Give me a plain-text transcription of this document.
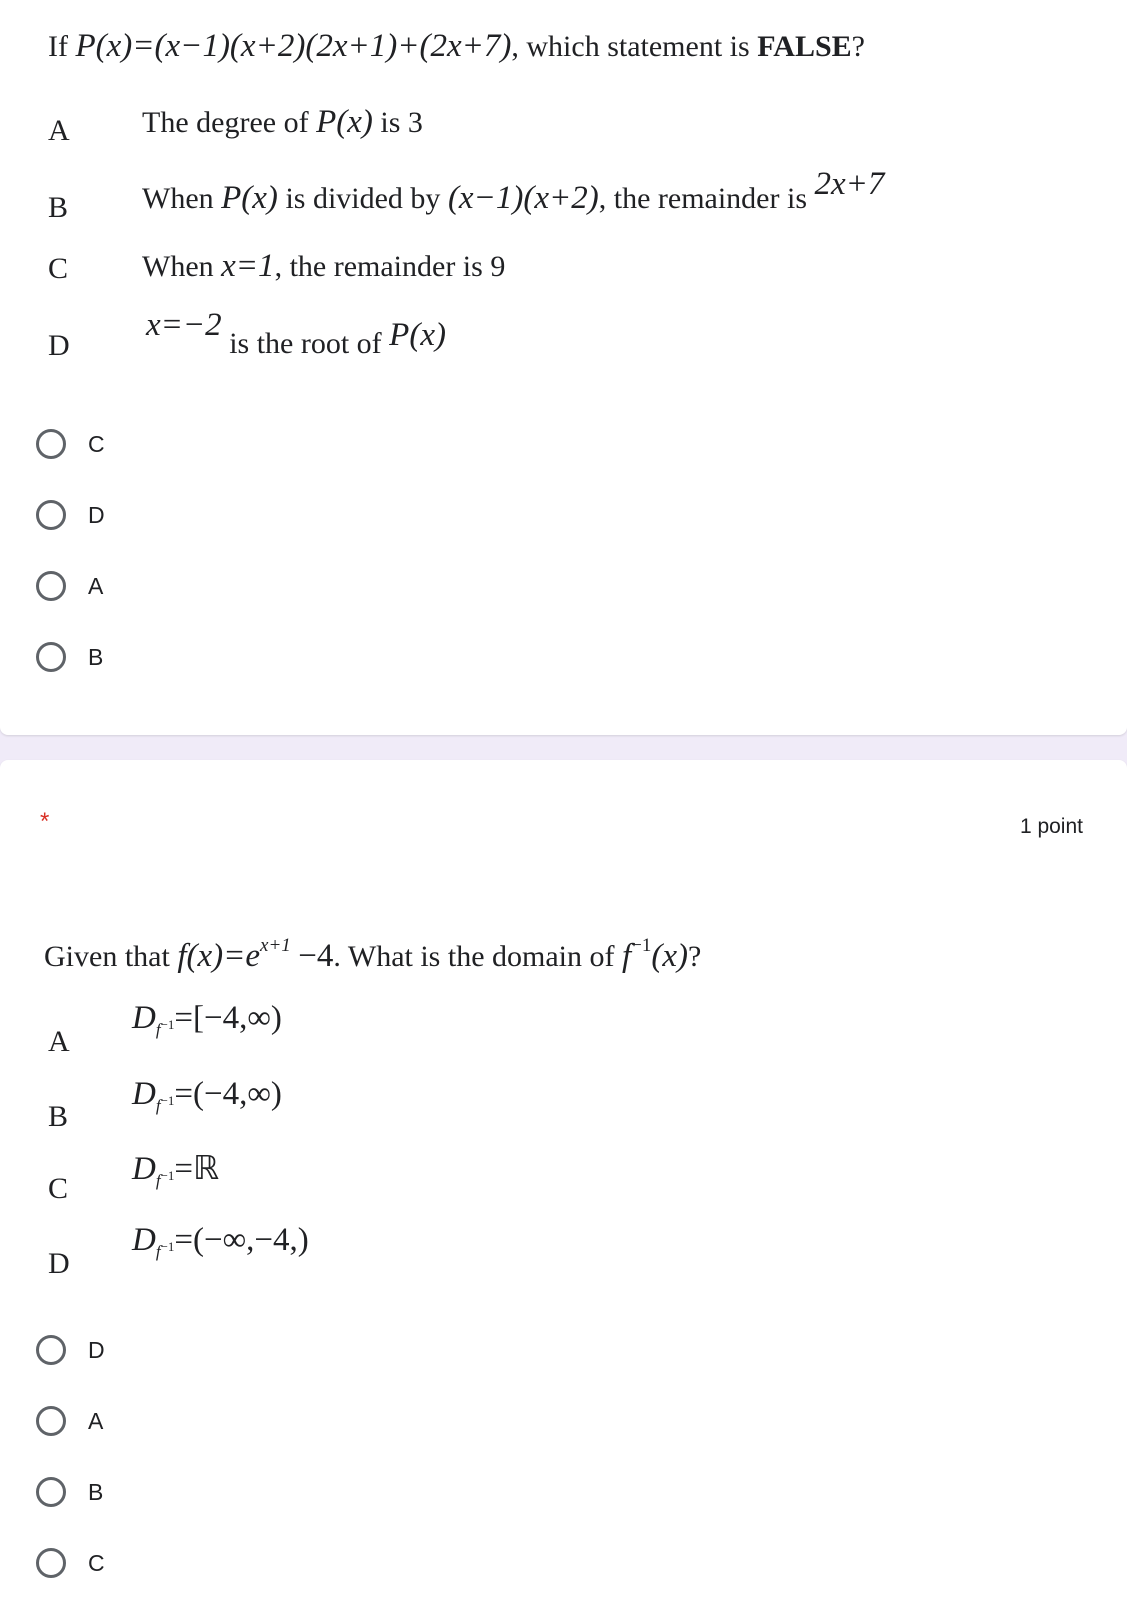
If P(x)=(x−1)(x+2)(2x+1)+(2x+7), which statement is FALSE?
A The degree of P(x) is 3
B When P(x) is divided by (x−1)(x+2), the remainder is 2x+7
C When x=1, the remainder is 9
D
x=−2 is the root of P(x)
C
D
A
B
*	1 point
Given that $f(x)=e^{x+1} -4$. What is the domain of $f^{-1}(x)$?
A
$D_{f-1}=[-4,\infty)$
B
$D_{f-1}=(-4,\infty)$
C
$D_{f-1}=ℝ$
D
$D_{f-1}=(-\infty,-4,)$
D
A
B
C
